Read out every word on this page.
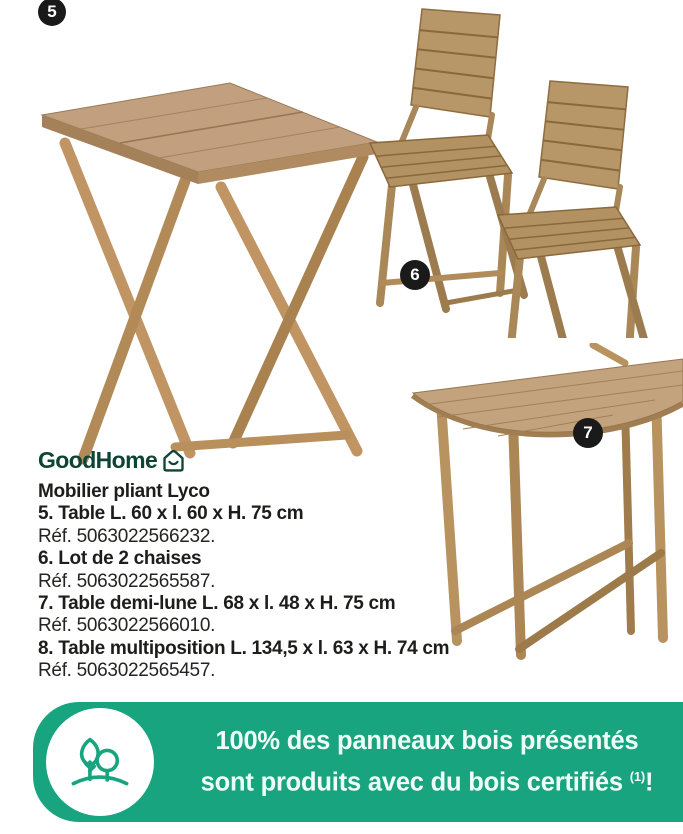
5
6
7
GoodHome
Mobilier pliant Lyco
5. Table L. 60 x l. 60 x H. 75 cm
Réf. 5063022566232.
6. Lot de 2 chaises
Réf. 5063022565587.
7. Table demi-lune L. 68 x l. 48 x H. 75 cm
Réf. 5063022566010.
8. Table multiposition L. 134,5 x l. 63 x H. 74 cm
Réf. 5063022565457.
100% des panneaux bois présentés
sont produits avec du bois certifiés $^{(1)}$!
